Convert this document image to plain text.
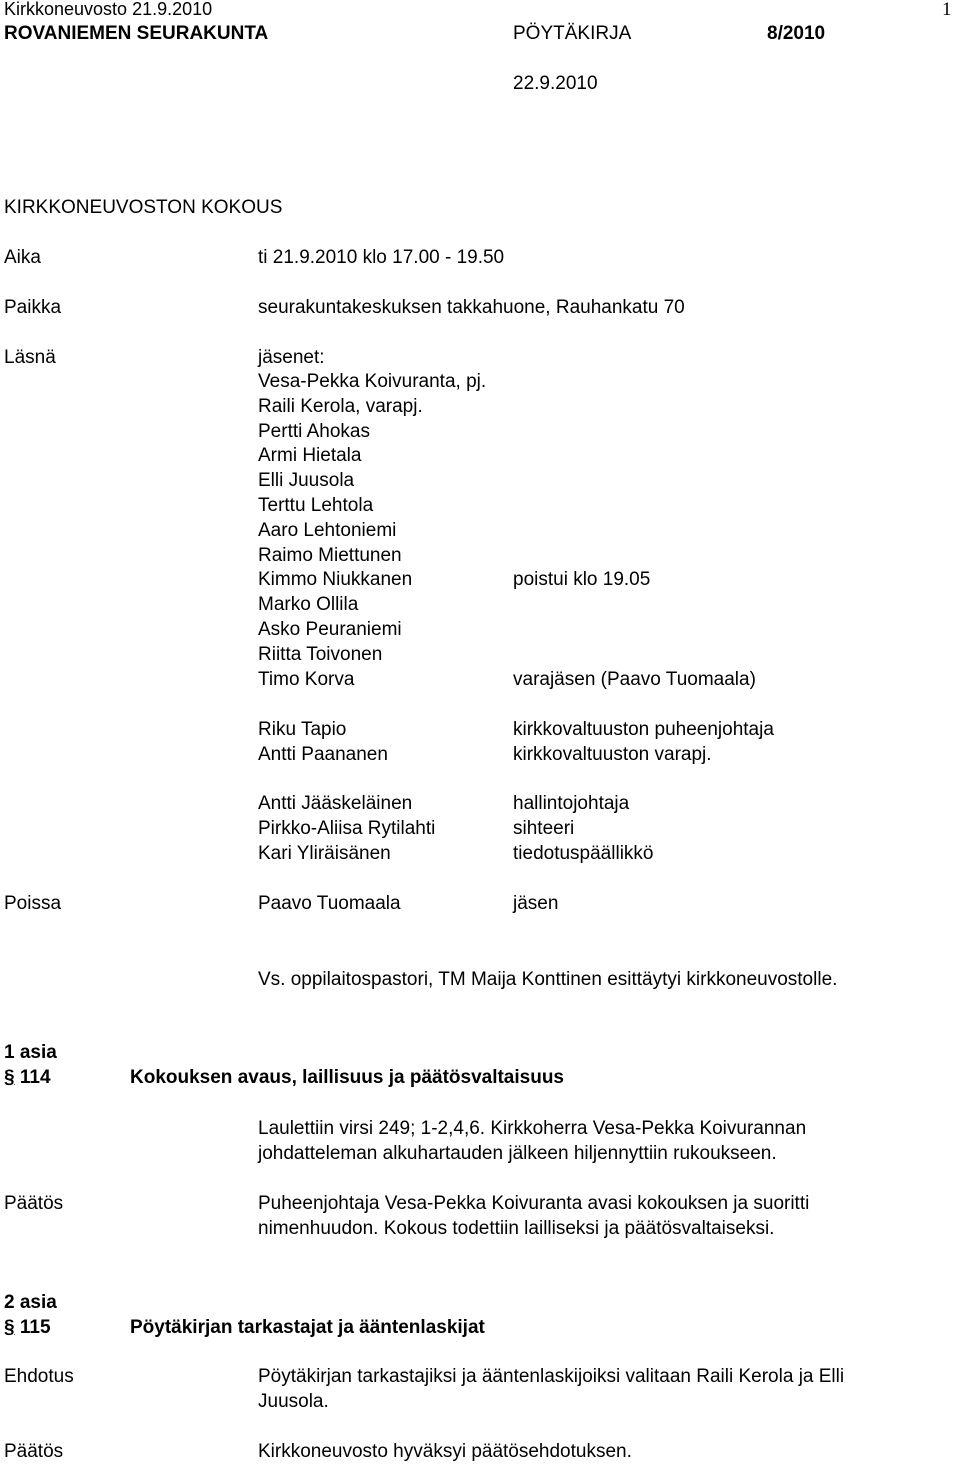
Kirkkoneuvosto 21.9.2010	1
ROVANIEMEN SEURAKUNTA	PÖYTÄKIRJA	8/2010
22.9.2010
KIRKKONEUVOSTON KOKOUS
Aika	ti 21.9.2010 klo 17.00 - 19.50
Paikka	seurakuntakeskuksen takkahuone, Rauhankatu 70
Läsnä	jäsenet:
Vesa-Pekka Koivuranta, pj.
Raili Kerola, varapj.
Pertti Ahokas
Armi Hietala
Elli Juusola
Terttu Lehtola
Aaro Lehtoniemi
Raimo Miettunen
Kimmo Niukkanen	poistui klo 19.05
Marko Ollila
Asko Peuraniemi
Riitta Toivonen
Timo Korva	varajäsen (Paavo Tuomaala)
Riku Tapio	kirkkovaltuuston puheenjohtaja
Antti Paananen	kirkkovaltuuston varapj.
Antti Jääskeläinen	hallintojohtaja
Pirkko-Aliisa Rytilahti	sihteeri
Kari Yliräisänen	tiedotuspäällikkö
Poissa	Paavo Tuomaala	jäsen
Vs. oppilaitospastori, TM Maija Konttinen esittäytyi kirkkoneuvostolle.
1 asia
§ 114	Kokouksen avaus, laillisuus ja päätösvaltaisuus
Laulettiin virsi 249; 1-2,4,6. Kirkkoherra Vesa-Pekka Koivurannan
johdatteleman alkuhartauden jälkeen hiljennyttiin rukoukseen.
Päätös	Puheenjohtaja Vesa-Pekka Koivuranta avasi kokouksen ja suoritti
nimenhuudon. Kokous todettiin lailliseksi ja päätösvaltaiseksi.
2 asia
§ 115	Pöytäkirjan tarkastajat ja ääntenlaskijat
Ehdotus	Pöytäkirjan tarkastajiksi ja ääntenlaskijoiksi valitaan Raili Kerola ja Elli
Juusola.
Päätös	Kirkkoneuvosto hyväksyi päätösehdotuksen.
